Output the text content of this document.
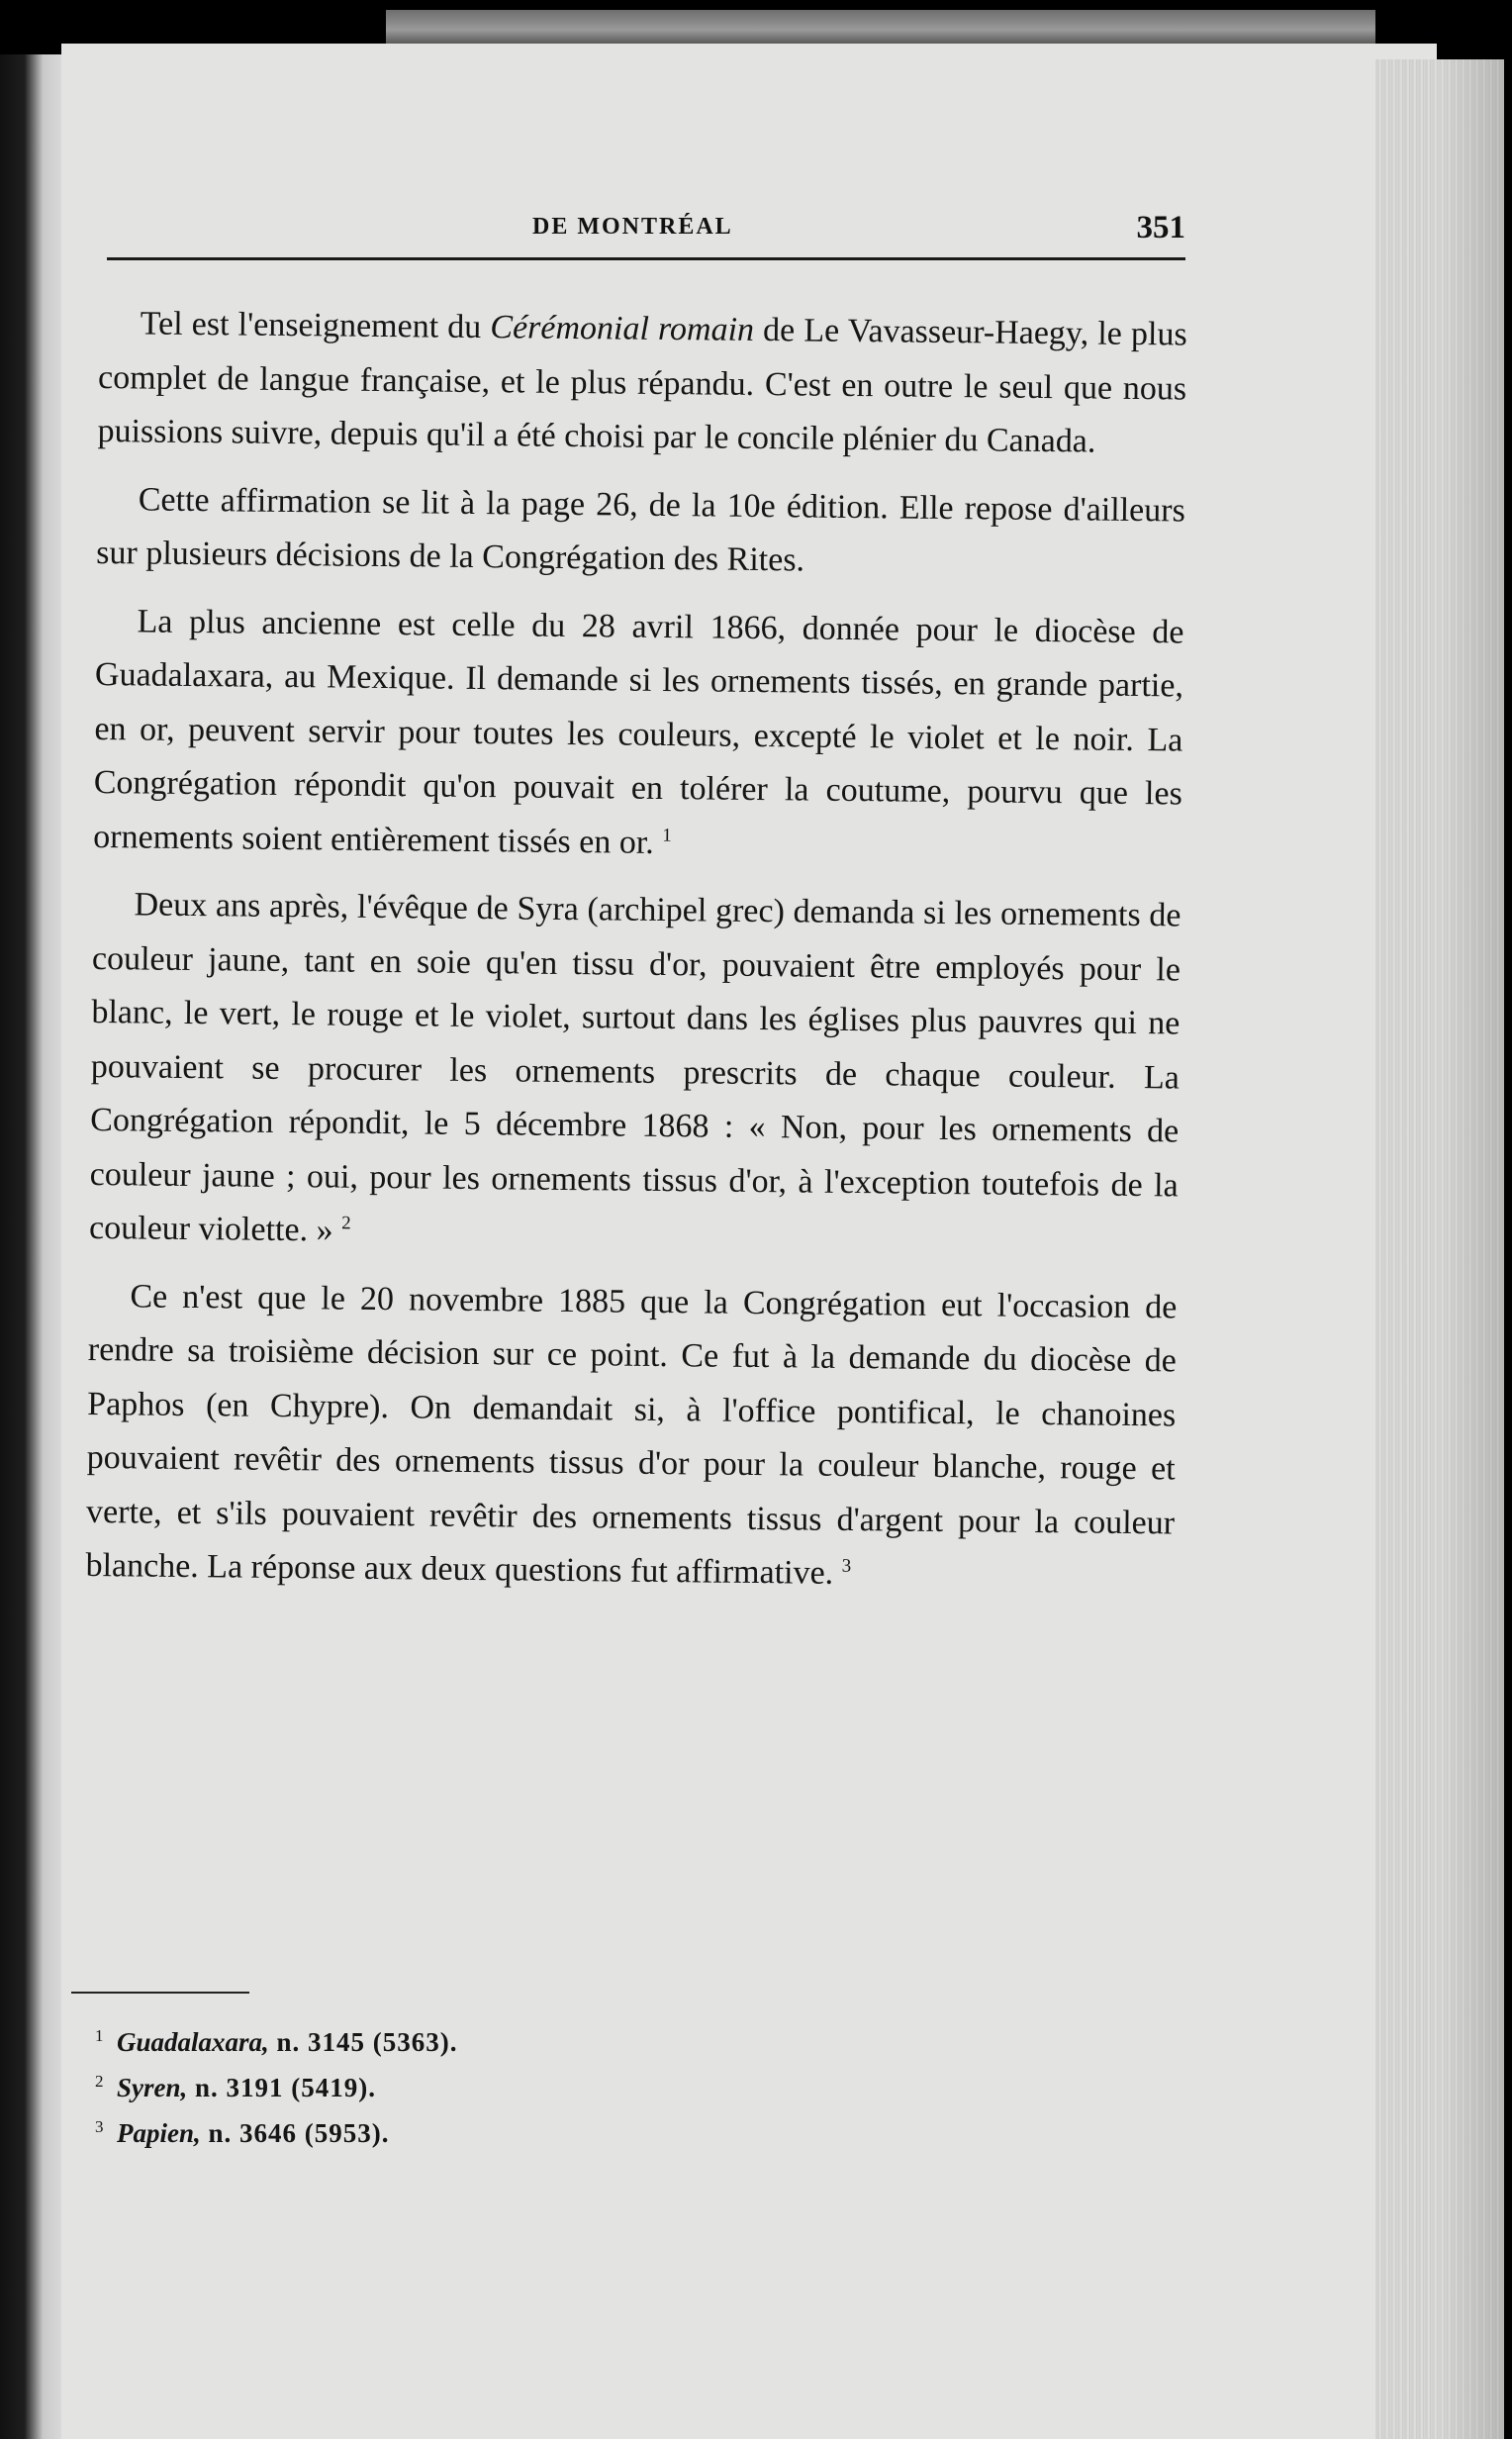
DE MONTRÉAL	351

Tel est l'enseignement du Cérémonial romain de Le Vavasseur-Haegy, le plus complet de langue française, et le plus répandu. C'est en outre le seul que nous puissions suivre, depuis qu'il a été choisi par le concile plénier du Canada.

Cette affirmation se lit à la page 26, de la 10e édition. Elle repose d'ailleurs sur plusieurs décisions de la Congrégation des Rites.

La plus ancienne est celle du 28 avril 1866, donnée pour le diocèse de Guadalaxara, au Mexique. Il demande si les ornements tissés, en grande partie, en or, peuvent servir pour toutes les couleurs, excepté le violet et le noir. La Congrégation répondit qu'on pouvait en tolérer la coutume, pourvu que les ornements soient entièrement tissés en or. $^1$

Deux ans après, l'évêque de Syra (archipel grec) demanda si les ornements de couleur jaune, tant en soie qu'en tissu d'or, pouvaient être employés pour le blanc, le vert, le rouge et le violet, surtout dans les églises plus pauvres qui ne pouvaient se procurer les ornements prescrits de chaque couleur. La Congrégation répondit, le 5 décembre 1868 : « Non, pour les ornements de couleur jaune ; oui, pour les ornements tissus d'or, à l'exception toutefois de la couleur violette. » $^2$

Ce n'est que le 20 novembre 1885 que la Congrégation eut l'occasion de rendre sa troisième décision sur ce point. Ce fut à la demande du diocèse de Paphos (en Chypre). On demandait si, à l'office pontifical, le chanoines pouvaient revêtir des ornements tissus d'or pour la couleur blanche, rouge et verte, et s'ils pouvaient revêtir des ornements tissus d'argent pour la couleur blanche. La réponse aux deux questions fut affirmative. $^3$

1 Guadalaxara, n. 3145 (5363).
2 Syren, n. 3191 (5419).
3 Papien, n. 3646 (5953).
